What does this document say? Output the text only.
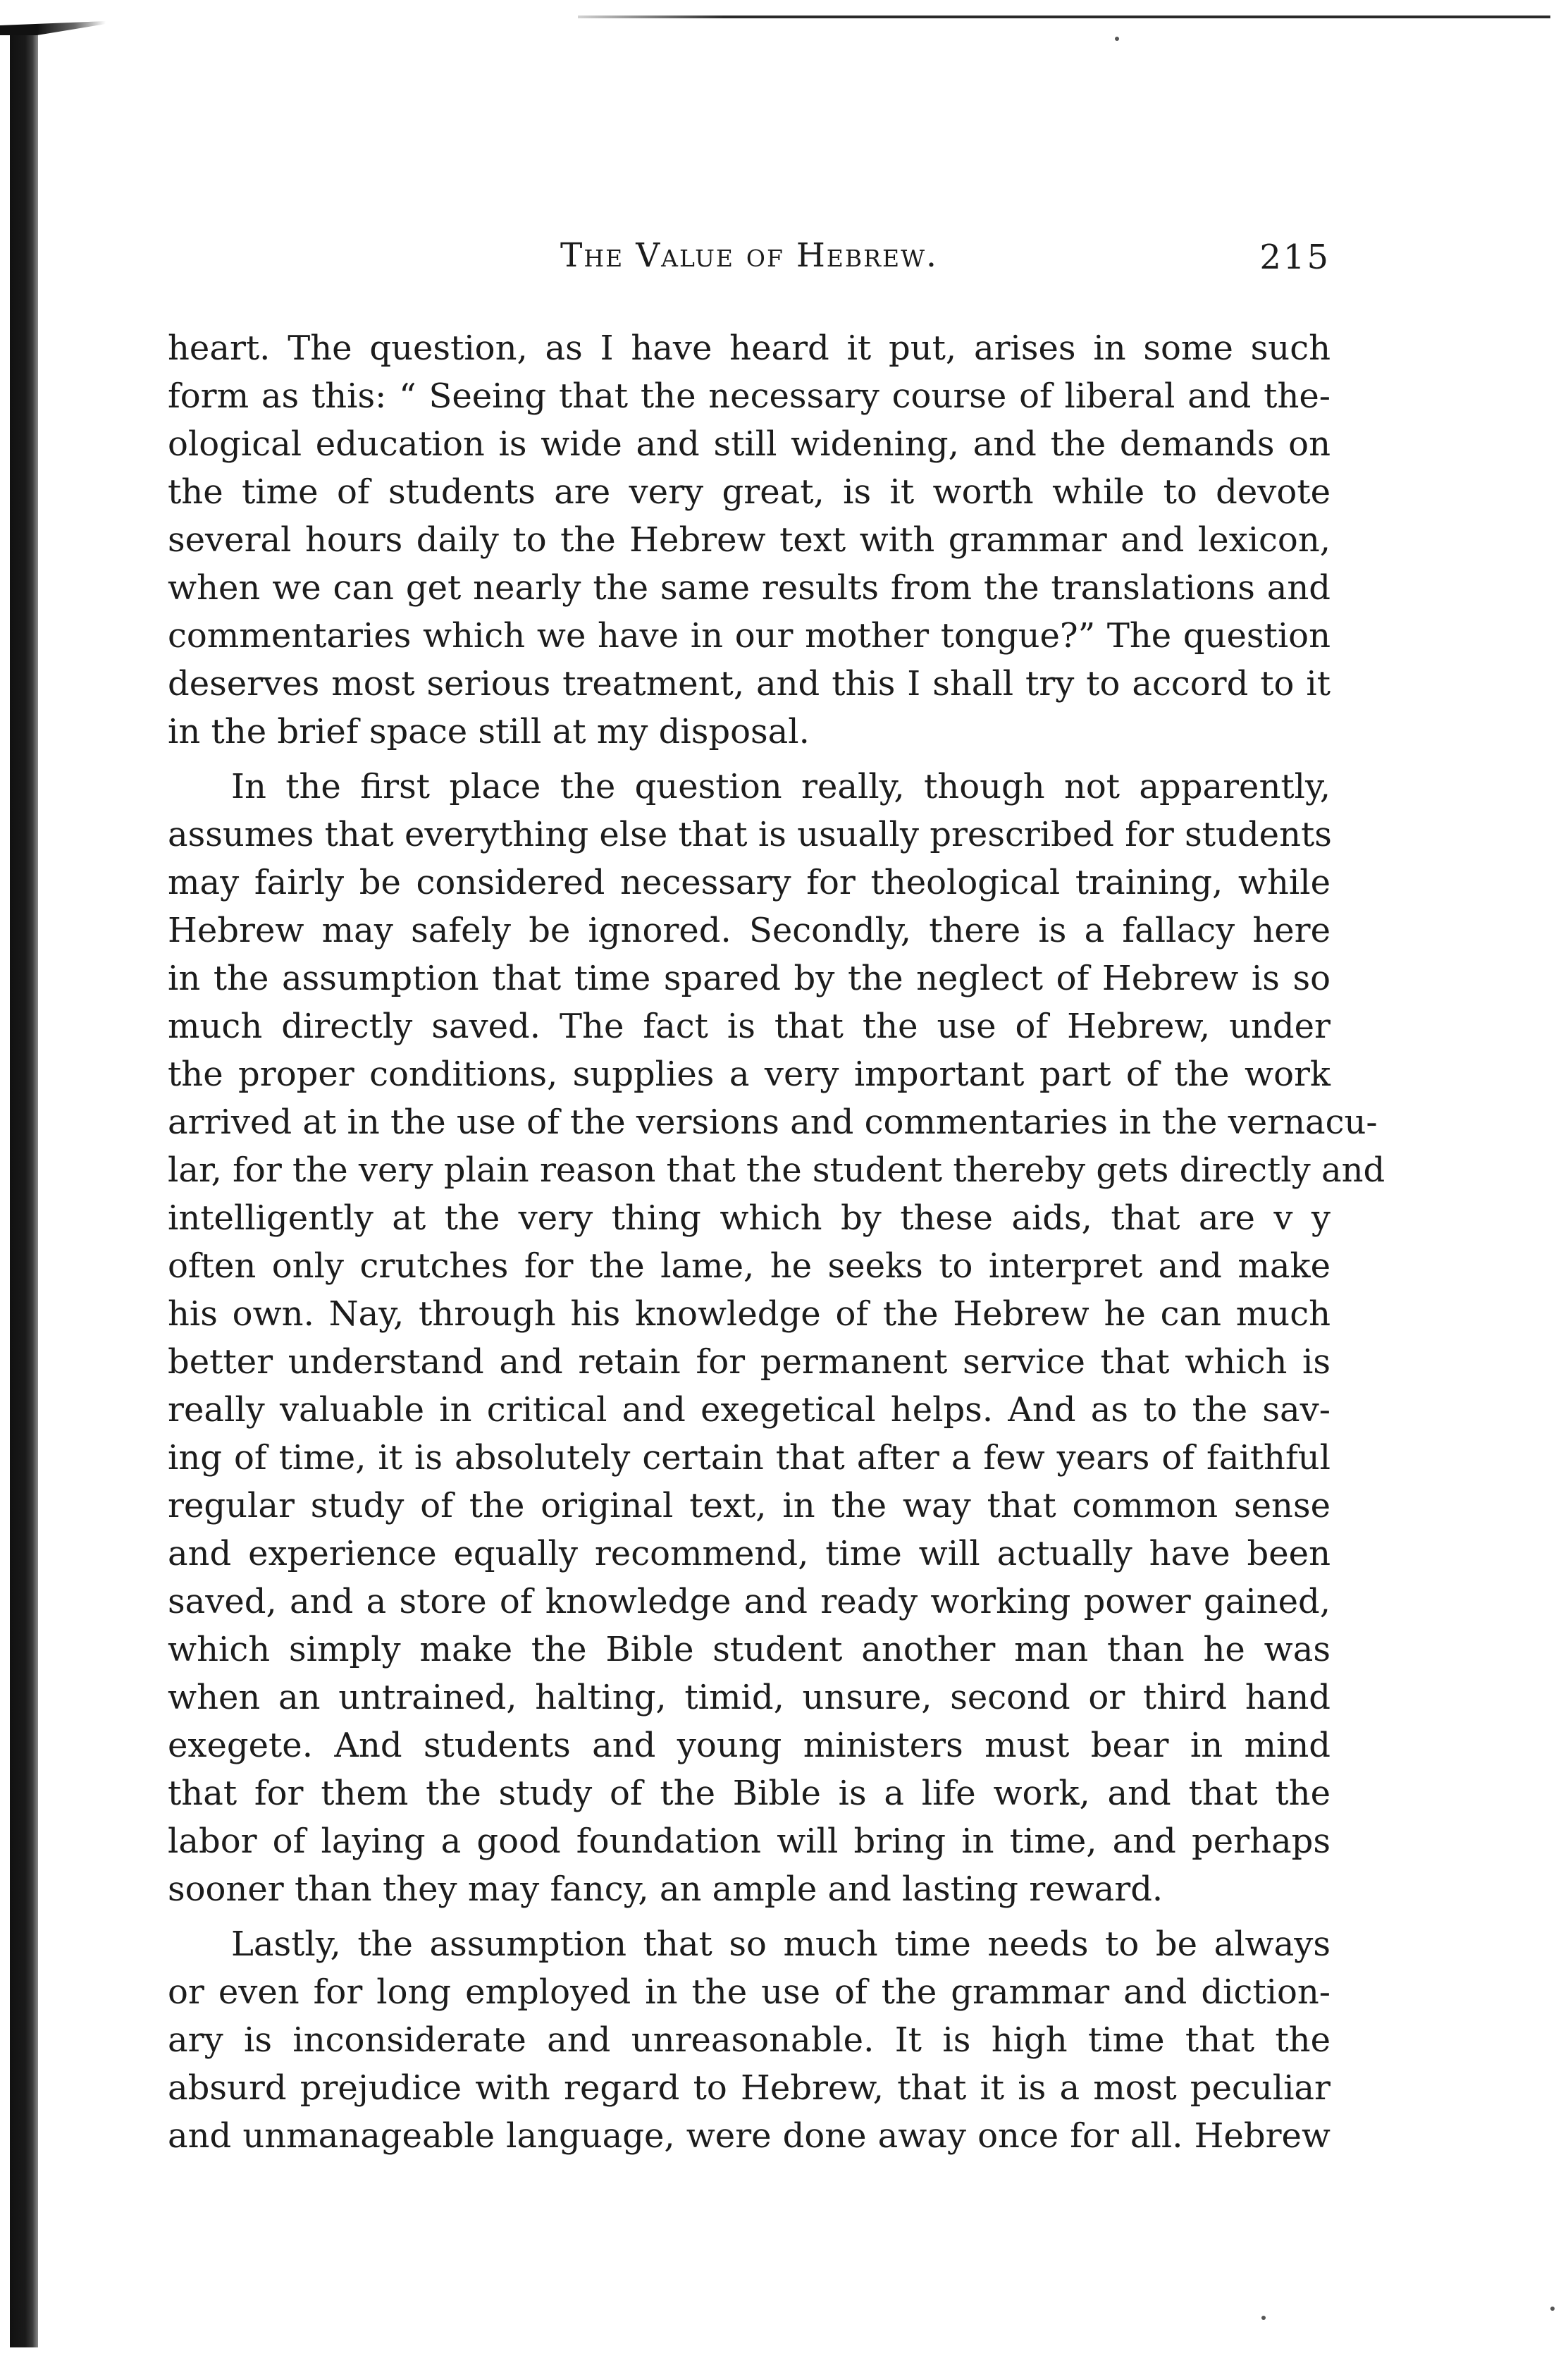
The Value of Hebrew.	215
heart. The question, as I have heard it put, arises in some such
form as this: “ Seeing that the necessary course of liberal and the-
ological education is wide and still widening, and the demands on
the time of students are very great, is it worth while to devote
several hours daily to the Hebrew text with grammar and lexicon,
when we can get nearly the same results from the translations and
commentaries which we have in our mother tongue?” The question
deserves most serious treatment, and this I shall try to accord to it
in the brief space still at my disposal.
In the first place the question really, though not apparently,
assumes that everything else that is usually prescribed for students
may fairly be considered necessary for theological training, while
Hebrew may safely be ignored. Secondly, there is a fallacy here
in the assumption that time spared by the neglect of Hebrew is so
much directly saved. The fact is that the use of Hebrew, under
the proper conditions, supplies a very important part of the work
arrived at in the use of the versions and commentaries in the vernacu-
lar, for the very plain reason that the student thereby gets directly and
intelligently at the very thing which by these aids, that are v y
often only crutches for the lame, he seeks to interpret and make
his own. Nay, through his knowledge of the Hebrew he can much
better understand and retain for permanent service that which is
really valuable in critical and exegetical helps. And as to the sav-
ing of time, it is absolutely certain that after a few years of faithful
regular study of the original text, in the way that common sense
and experience equally recommend, time will actually have been
saved, and a store of knowledge and ready working power gained,
which simply make the Bible student another man than he was
when an untrained, halting, timid, unsure, second or third hand
exegete. And students and young ministers must bear in mind
that for them the study of the Bible is a life work, and that the
labor of laying a good foundation will bring in time, and perhaps
sooner than they may fancy, an ample and lasting reward.
Lastly, the assumption that so much time needs to be always
or even for long employed in the use of the grammar and diction-
ary is inconsiderate and unreasonable. It is high time that the
absurd prejudice with regard to Hebrew, that it is a most peculiar
and unmanageable language, were done away once for all. Hebrew
